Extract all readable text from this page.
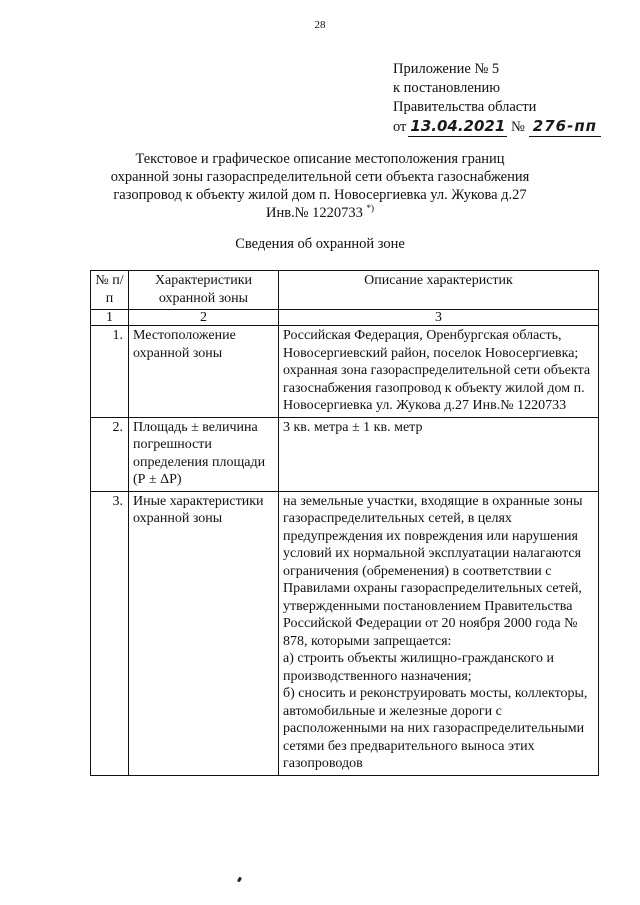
28
Приложение № 5
к постановлению
Правительства области
от 13.04.2021 № 276-пп
Текстовое и графическое описание местоположения границ
охранной зоны газораспределительной сети объекта газоснабжения
газопровод к объекту жилой дом п. Новосергиевка ул. Жукова д.27
Инв.№ 1220733 *)
Сведения об охранной зоне
№ п/п	Характеристики охранной зоны	Описание характеристик
1	2	3
1.	Местоположение охранной зоны	Российская Федерация, Оренбургская область, Новосергиевский район, поселок Новосергиевка; охранная зона газораспределительной сети объекта газоснабжения газопровод к объекту жилой дом п. Новосергиевка ул. Жукова д.27 Инв.№ 1220733
2.	Площадь ± величина погрешности определения площади (Р ± ΔР)	3 кв. метра ± 1 кв. метр
3.	Иные характеристики охранной зоны	на земельные участки, входящие в охранные зоны газораспределительных сетей, в целях предупреждения их повреждения или нарушения условий их нормальной эксплуатации налагаются ограничения (обременения) в соответствии с Правилами охраны газораспределительных сетей, утвержденными постановлением Правительства Российской Федерации от 20 ноября 2000 года № 878, которыми запрещается:
а) строить объекты жилищно-гражданского и производственного назначения;
б) сносить и реконструировать мосты, коллекторы, автомобильные и железные дороги с расположенными на них газораспределительными сетями без предварительного выноса этих газопроводов
